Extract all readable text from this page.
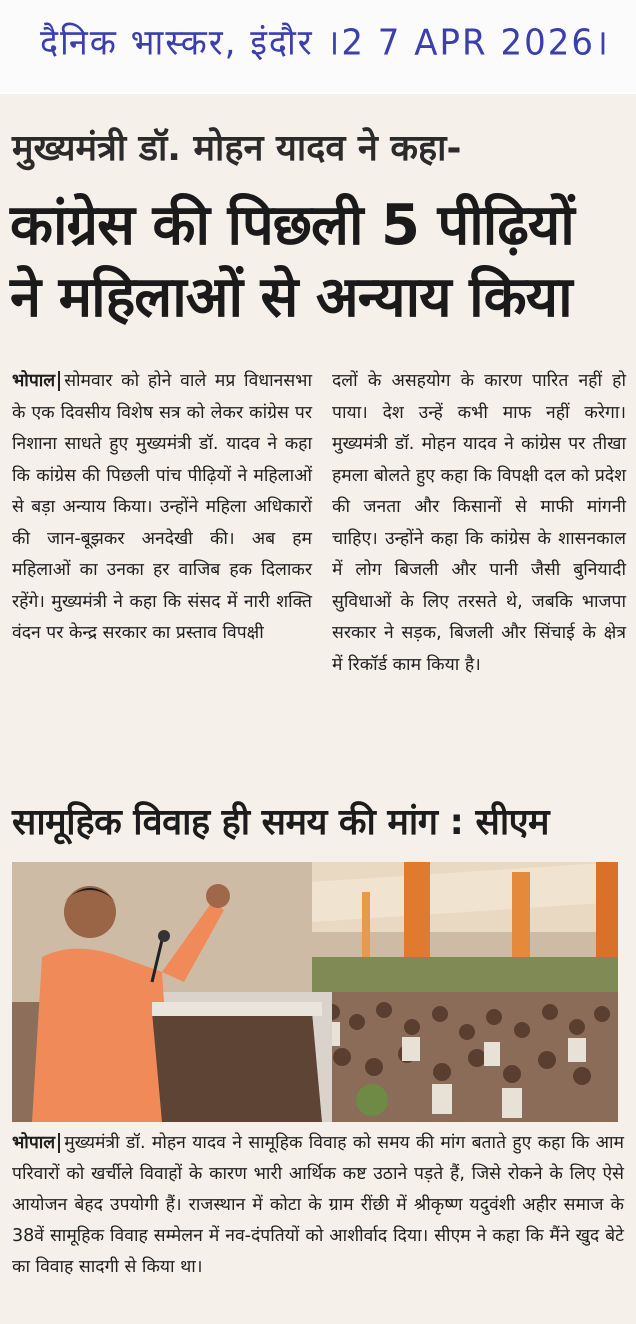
दैनिक भास्कर, इंदौर ।2 7 APR 2026।
मुख्यमंत्री डॉ. मोहन यादव ने कहा-
कांग्रेस की पिछली 5 पीढ़ियों
ने महिलाओं से अन्याय किया
भोपाल सोमवार को होने वाले मप्र विधानसभा के एक दिवसीय विशेष सत्र को लेकर कांग्रेस पर निशाना साधते हुए मुख्यमंत्री डॉ. यादव ने कहा कि कांग्रेस की पिछली पांच पीढ़ियों ने महिलाओं से बड़ा अन्याय किया। उन्होंने महिला अधिकारों की जान-बूझकर अनदेखी की। अब हम महिलाओं का उनका हर वाजिब हक दिलाकर रहेंगे। मुख्यमंत्री ने कहा कि संसद में नारी शक्ति वंदन पर केन्द्र सरकार का प्रस्ताव विपक्षी
दलों के असहयोग के कारण पारित नहीं हो पाया। देश उन्हें कभी माफ नहीं करेगा। मुख्यमंत्री डॉ. मोहन यादव ने कांग्रेस पर तीखा हमला बोलते हुए कहा कि विपक्षी दल को प्रदेश की जनता और किसानों से माफी मांगनी चाहिए। उन्होंने कहा कि कांग्रेस के शासनकाल में लोग बिजली और पानी जैसी बुनियादी सुविधाओं के लिए तरसते थे, जबकि भाजपा सरकार ने सड़क, बिजली और सिंचाई के क्षेत्र में रिकॉर्ड काम किया है।
सामूहिक विवाह ही समय की मांग : सीएम
भोपाल मुख्यमंत्री डॉ. मोहन यादव ने सामूहिक विवाह को समय की मांग बताते हुए कहा कि आम परिवारों को खर्चीले विवाहों के कारण भारी आर्थिक कष्ट उठाने पड़ते हैं, जिसे रोकने के लिए ऐसे आयोजन बेहद उपयोगी हैं। राजस्थान में कोटा के ग्राम रींछी में श्रीकृष्ण यदुवंशी अहीर समाज के 38वें सामूहिक विवाह सम्मेलन में नव-दंपतियों को आशीर्वाद दिया। सीएम ने कहा कि मैंने खुद बेटे का विवाह सादगी से किया था।
